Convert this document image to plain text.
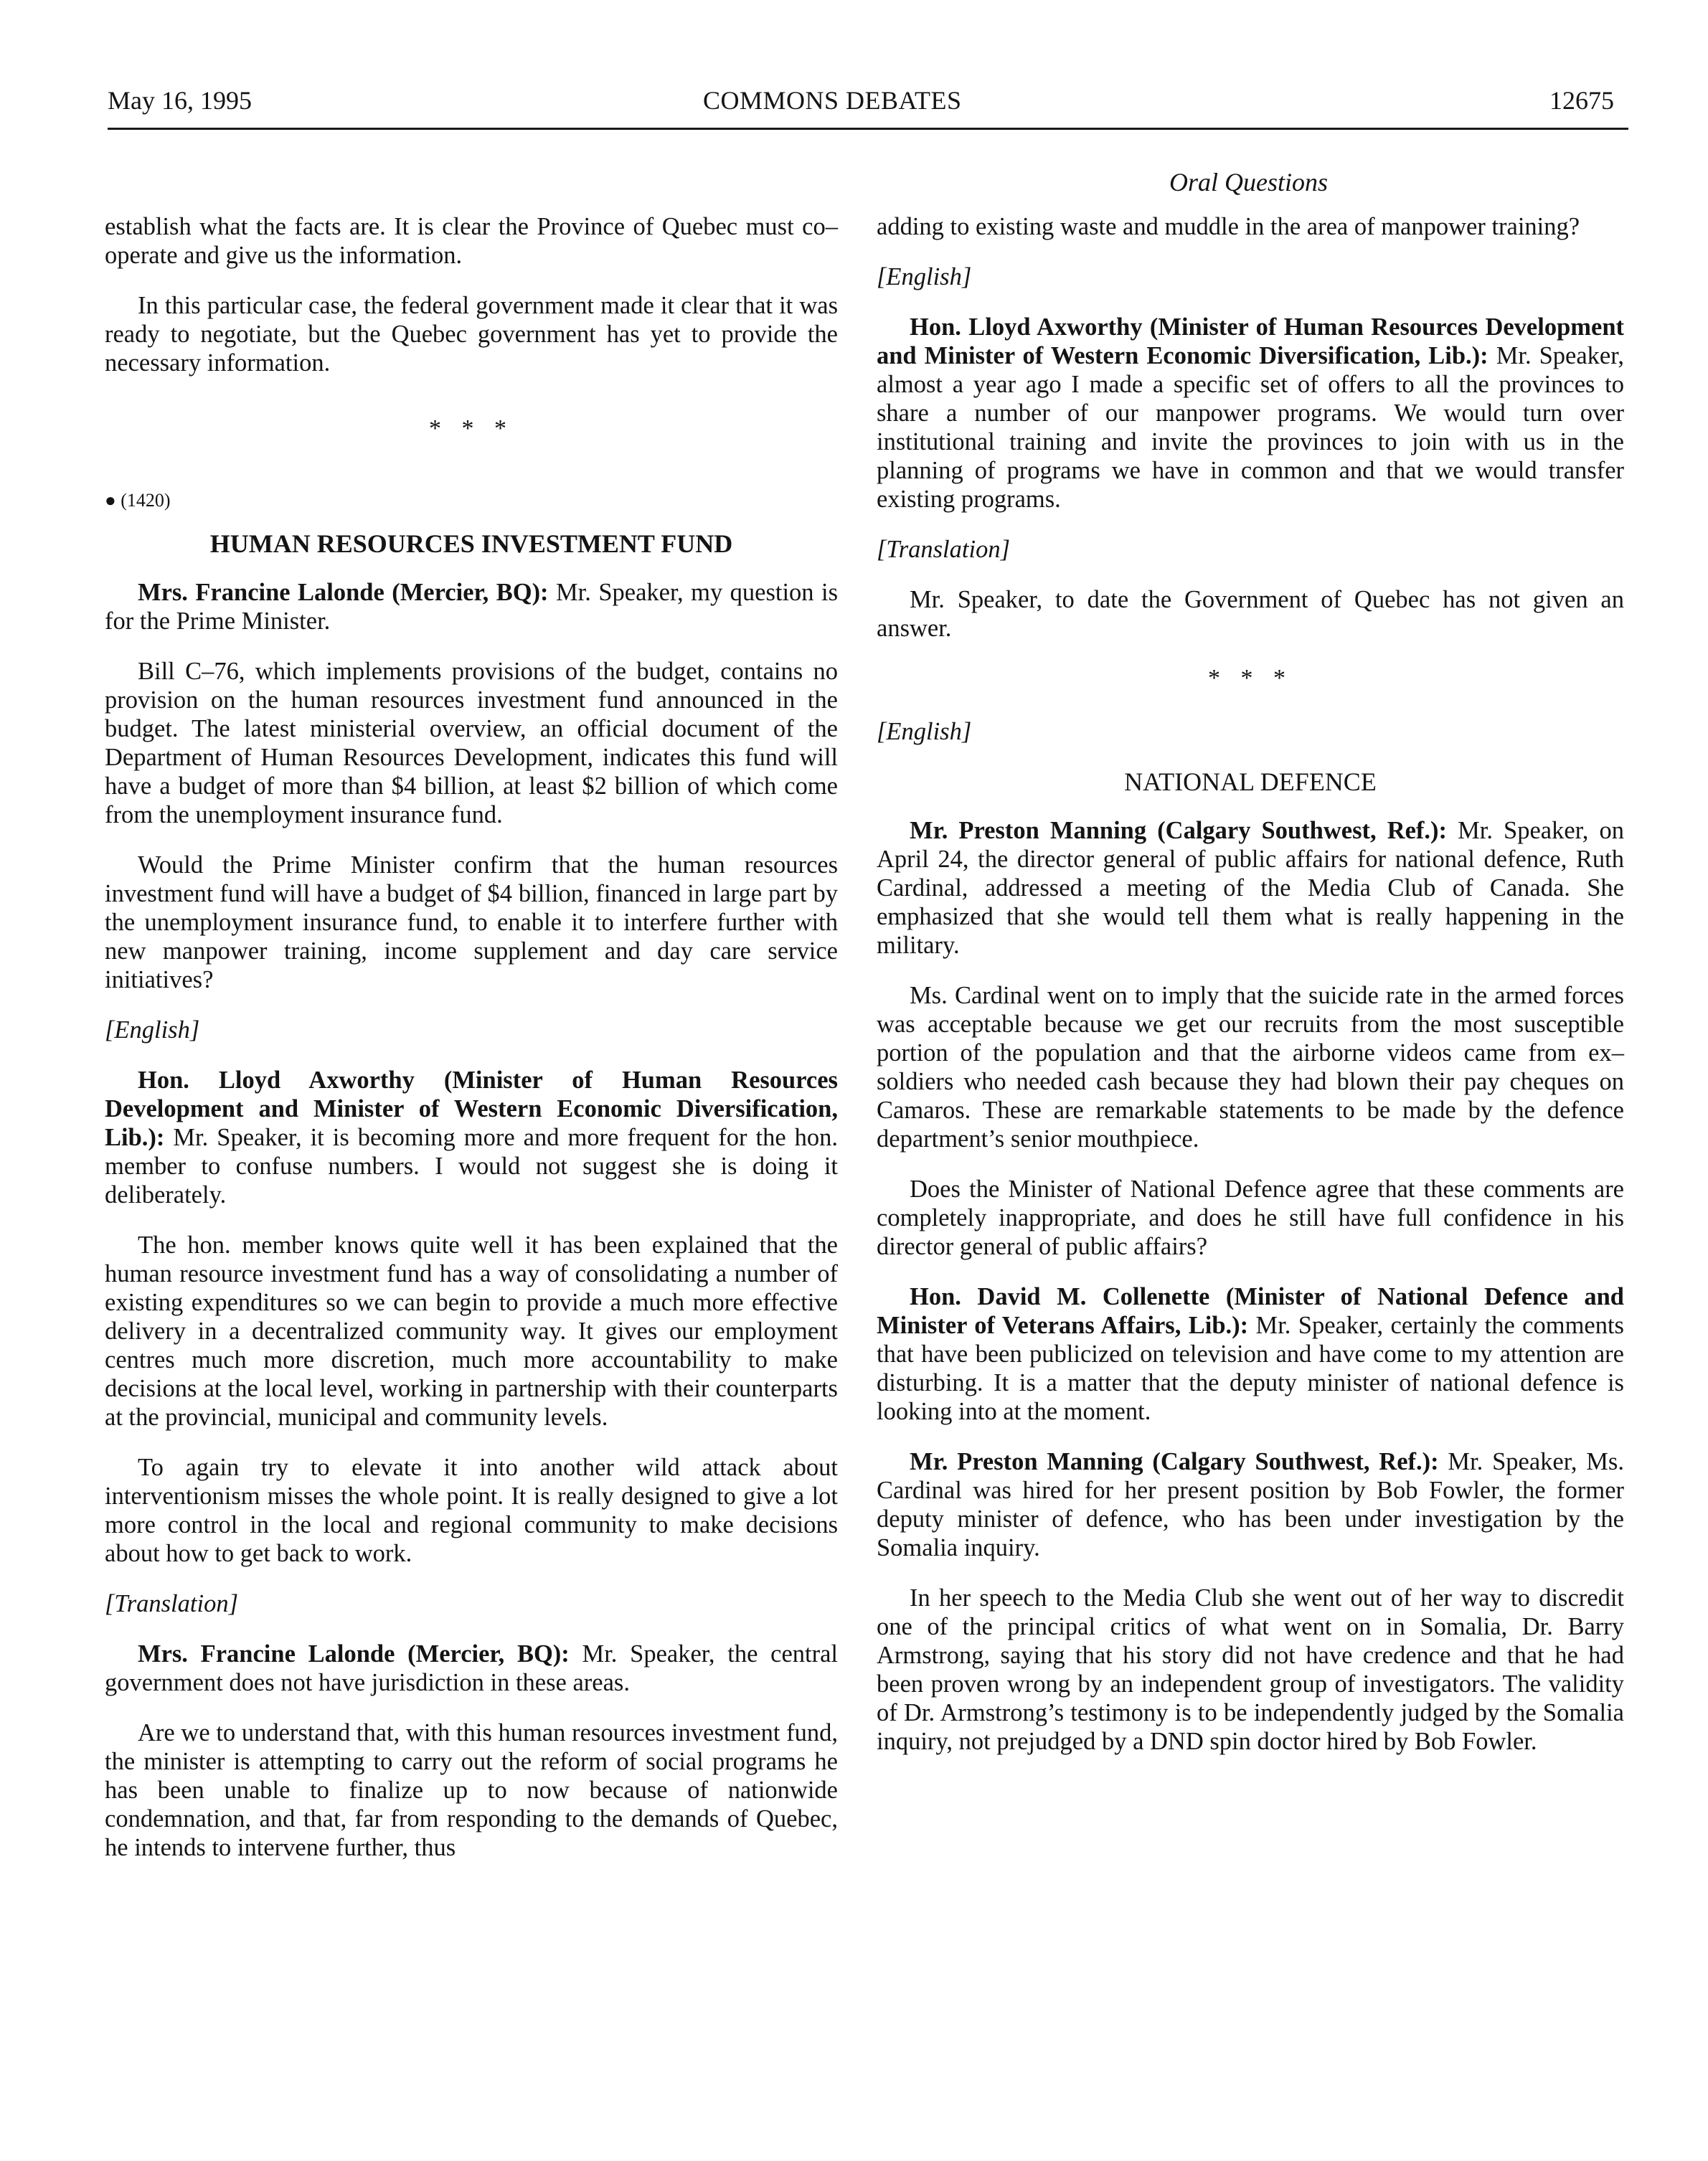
May 16, 1995	COMMONS DEBATES	12675
Oral Questions

establish what the facts are. It is clear the Province of Quebec must co–operate and give us the information.

In this particular case, the federal government made it clear that it was ready to negotiate, but the Quebec government has yet to provide the necessary information.

* * *
● (1420)
HUMAN RESOURCES INVESTMENT FUND

Mrs. Francine Lalonde (Mercier, BQ): Mr. Speaker, my question is for the Prime Minister.

Bill C–76, which implements provisions of the budget, contains no provision on the human resources investment fund announced in the budget. The latest ministerial overview, an official document of the Department of Human Resources Development, indicates this fund will have a budget of more than $4 billion, at least $2 billion of which come from the unemployment insurance fund.

Would the Prime Minister confirm that the human resources investment fund will have a budget of $4 billion, financed in large part by the unemployment insurance fund, to enable it to interfere further with new manpower training, income supplement and day care service initiatives?

[English]

Hon. Lloyd Axworthy (Minister of Human Resources Development and Minister of Western Economic Diversification, Lib.): Mr. Speaker, it is becoming more and more frequent for the hon. member to confuse numbers. I would not suggest she is doing it deliberately.

The hon. member knows quite well it has been explained that the human resource investment fund has a way of consolidating a number of existing expenditures so we can begin to provide a much more effective delivery in a decentralized community way. It gives our employment centres much more discretion, much more accountability to make decisions at the local level, working in partnership with their counterparts at the provincial, municipal and community levels.

To again try to elevate it into another wild attack about interventionism misses the whole point. It is really designed to give a lot more control in the local and regional community to make decisions about how to get back to work.

[Translation]

Mrs. Francine Lalonde (Mercier, BQ): Mr. Speaker, the central government does not have jurisdiction in these areas.

Are we to understand that, with this human resources investment fund, the minister is attempting to carry out the reform of social programs he has been unable to finalize up to now because of nationwide condemnation, and that, far from responding to the demands of Quebec, he intends to intervene further, thus

adding to existing waste and muddle in the area of manpower training?

[English]

Hon. Lloyd Axworthy (Minister of Human Resources Development and Minister of Western Economic Diversification, Lib.): Mr. Speaker, almost a year ago I made a specific set of offers to all the provinces to share a number of our manpower programs. We would turn over institutional training and invite the provinces to join with us in the planning of programs we have in common and that we would transfer existing programs.

[Translation]

Mr. Speaker, to date the Government of Quebec has not given an answer.

* * *
[English]
NATIONAL DEFENCE

Mr. Preston Manning (Calgary Southwest, Ref.): Mr. Speaker, on April 24, the director general of public affairs for national defence, Ruth Cardinal, addressed a meeting of the Media Club of Canada. She emphasized that she would tell them what is really happening in the military.

Ms. Cardinal went on to imply that the suicide rate in the armed forces was acceptable because we get our recruits from the most susceptible portion of the population and that the airborne videos came from ex–soldiers who needed cash because they had blown their pay cheques on Camaros. These are remarkable statements to be made by the defence department’s senior mouthpiece.

Does the Minister of National Defence agree that these comments are completely inappropriate, and does he still have full confidence in his director general of public affairs?

Hon. David M. Collenette (Minister of National Defence and Minister of Veterans Affairs, Lib.): Mr. Speaker, certainly the comments that have been publicized on television and have come to my attention are disturbing. It is a matter that the deputy minister of national defence is looking into at the moment.

Mr. Preston Manning (Calgary Southwest, Ref.): Mr. Speaker, Ms. Cardinal was hired for her present position by Bob Fowler, the former deputy minister of defence, who has been under investigation by the Somalia inquiry.

In her speech to the Media Club she went out of her way to discredit one of the principal critics of what went on in Somalia, Dr. Barry Armstrong, saying that his story did not have credence and that he had been proven wrong by an independent group of investigators. The validity of Dr. Armstrong’s testimony is to be independently judged by the Somalia inquiry, not prejudged by a DND spin doctor hired by Bob Fowler.
